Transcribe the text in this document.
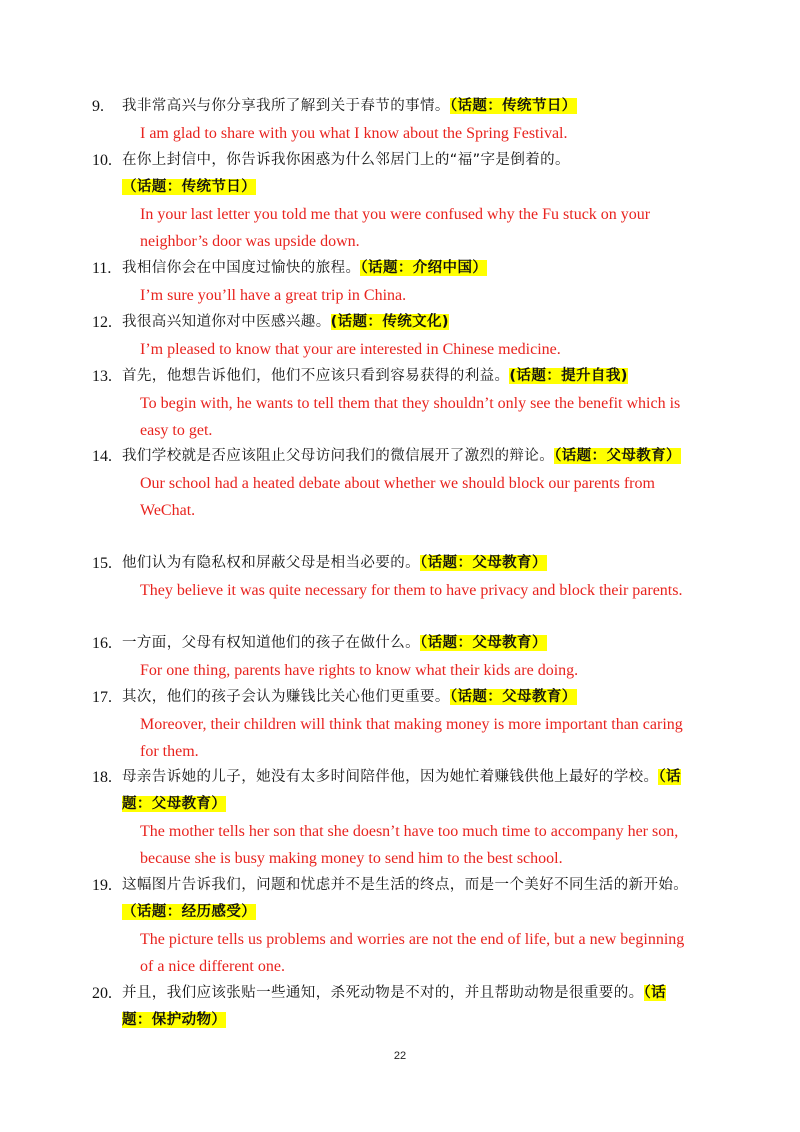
9.	我非常高兴与你分享我所了解到关于春节的事情。（话题：传统节日）
I am glad to share with you what I know about the Spring Festival.
10. 在你上封信中，你告诉我你困惑为什么邻居门上的“福”字是倒着的。（话题：传统节日）
In your last letter you told me that you were confused why the Fu stuck on your neighbor’s door was upside down.
11. 我相信你会在中国度过愉快的旅程。（话题：介绍中国）
I’m sure you’ll have a great trip in China.
12. 我很高兴知道你对中医感兴趣。(话题：传统文化)
I’m pleased to know that your are interested in Chinese medicine.
13. 首先，他想告诉他们，他们不应该只看到容易获得的利益。(话题：提升自我)
To begin with, he wants to tell them that they shouldn’t only see the benefit which is easy to get.
14. 我们学校就是否应该阻止父母访问我们的微信展开了激烈的辩论。（话题：父母教育）
Our school had a heated debate about whether we should block our parents from WeChat.
15. 他们认为有隐私权和屏蔽父母是相当必要的。（话题：父母教育）
They believe it was quite necessary for them to have privacy and block their parents.
16. 一方面，父母有权知道他们的孩子在做什么。（话题：父母教育）
For one thing, parents have rights to know what their kids are doing.
17. 其次，他们的孩子会认为赚钱比关心他们更重要。（话题：父母教育）
Moreover, their children will think that making money is more important than caring for them.
18. 母亲告诉她的儿子，她没有太多时间陪伴他，因为她忙着赚钱供他上最好的学校。（话题：父母教育）
The mother tells her son that she doesn’t have too much time to accompany her son, because she is busy making money to send him to the best school.
19. 这幅图片告诉我们，问题和忧虑并不是生活的终点，而是一个美好不同生活的新开始。（话题：经历感受）
The picture tells us problems and worries are not the end of life, but a new beginning of a nice different one.
20. 并且，我们应该张贴一些通知，杀死动物是不对的，并且帮助动物是很重要的。（话题：保护动物）
22
